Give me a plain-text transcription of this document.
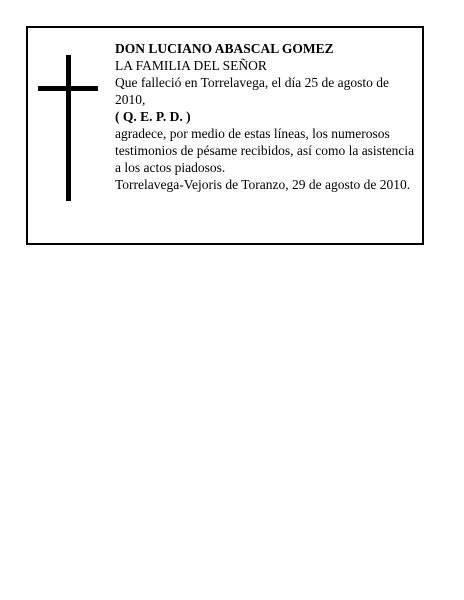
DON LUCIANO ABASCAL GOMEZ

LA FAMILIA DEL SEÑOR

Que falleció en Torrelavega, el día 25 de agosto de 2010,

( Q. E. P. D. )

agradece, por medio de estas líneas, los numerosos testimonios de pésame recibidos, así como la asistencia a los actos piadosos.

Torrelavega-Vejoris de Toranzo, 29 de agosto de 2010.
